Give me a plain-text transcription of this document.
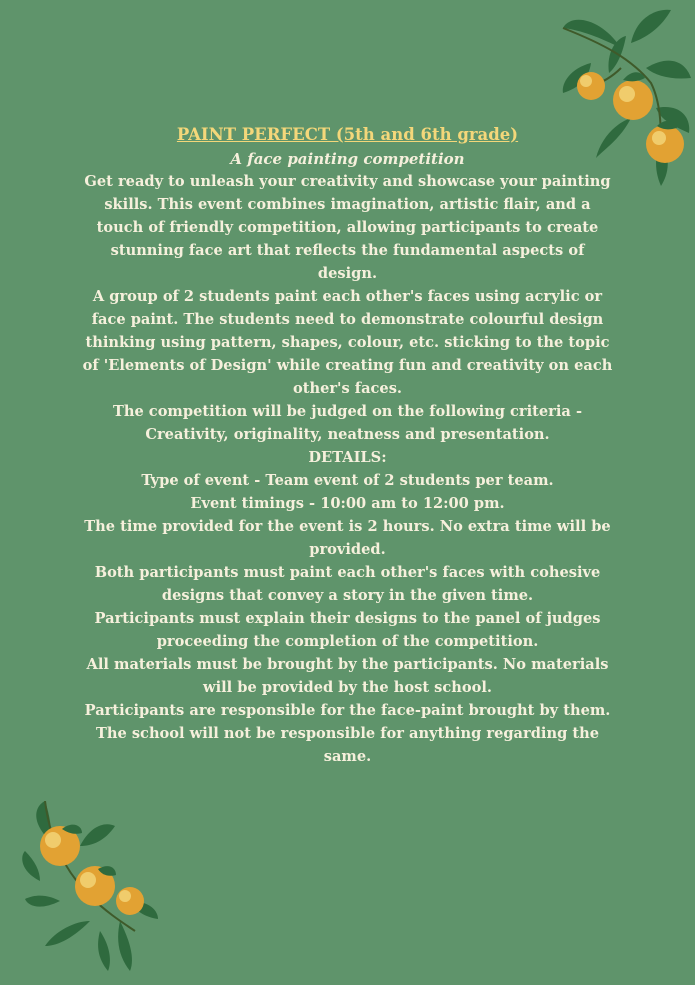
PAINT PERFECT (5th and 6th grade)

A face painting competition

Get ready to unleash your creativity and showcase your painting skills. This event combines imagination, artistic flair, and a touch of friendly competition, allowing participants to create stunning face art that reflects the fundamental aspects of design.

A group of 2 students paint each other's faces using acrylic or face paint. The students need to demonstrate colourful design thinking using pattern, shapes, colour, etc. sticking to the topic of 'Elements of Design' while creating fun and creativity on each other's faces.

The competition will be judged on the following criteria - Creativity, originality, neatness and presentation.

DETAILS:

Type of event - Team event of 2 students per team.

Event timings - 10:00 am to 12:00 pm.

The time provided for the event is 2 hours. No extra time will be provided.

Both participants must paint each other's faces with cohesive designs that convey a story in the given time.

Participants must explain their designs to the panel of judges proceeding the completion of the competition.

All materials must be brought by the participants. No materials will be provided by the host school.

Participants are responsible for the face-paint brought by them. The school will not be responsible for anything regarding the same.
